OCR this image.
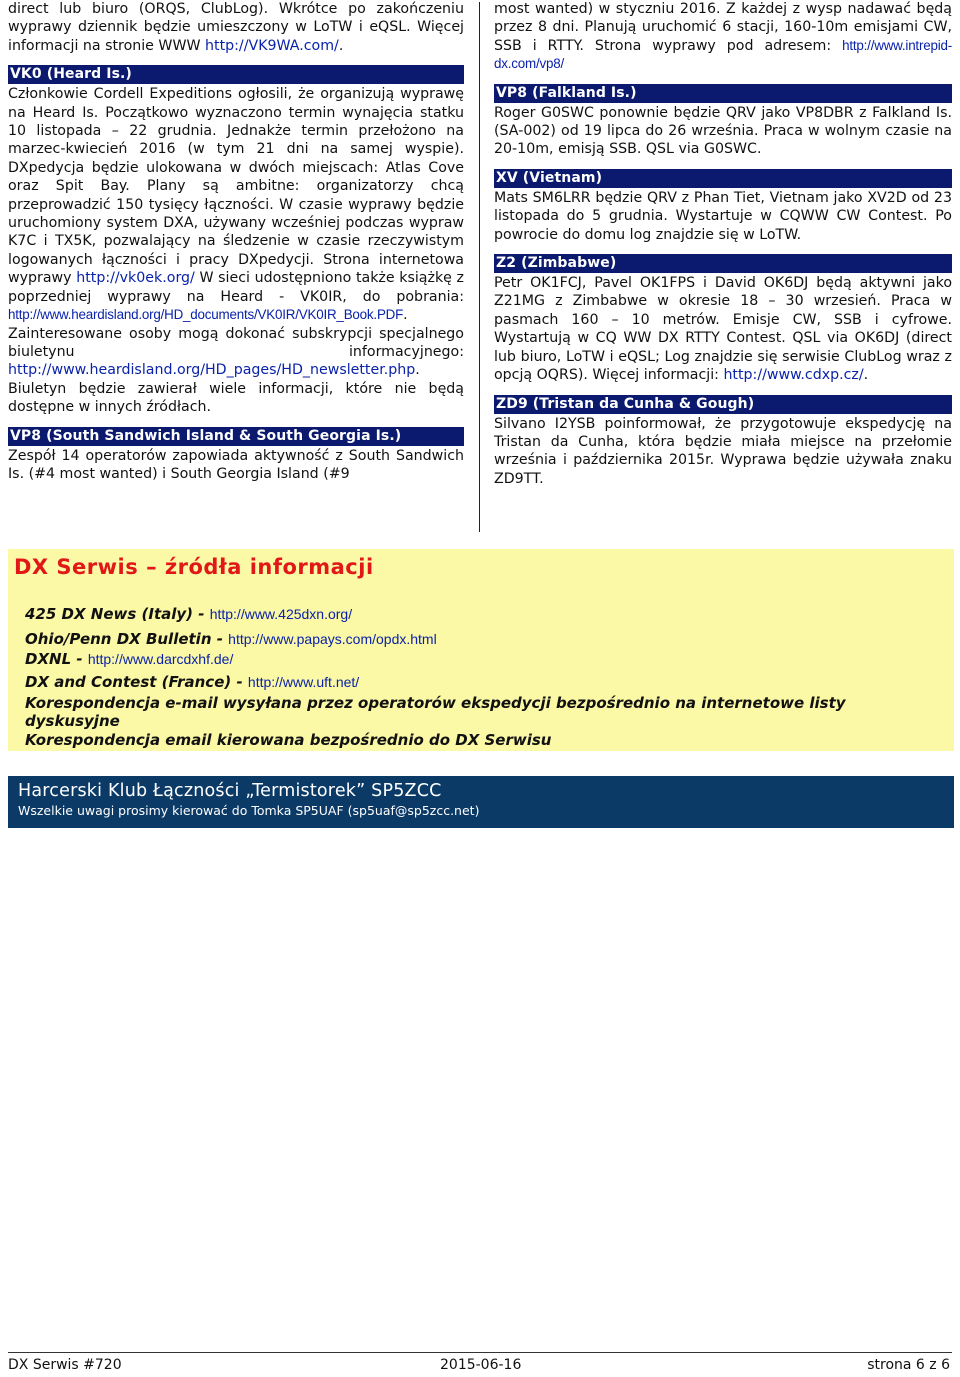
direct lub biuro (ORQS, ClubLog). Wkrótce po zakończeniu wyprawy dziennik będzie umieszczony w LoTW i eQSL. Więcej informacji na stronie WWW http://VK9WA.com/.

VK0 (Heard Is.)

Członkowie Cordell Expeditions ogłosili, że organizują wyprawę na Heard Is. Początkowo wyznaczono termin wynajęcia statku 10 listopada – 22 grudnia. Jednakże termin przełożono na marzec-kwiecień 2016 (w tym 21 dni na samej wyspie). DXpedycja będzie ulokowana w dwóch miejscach: Atlas Cove oraz Spit Bay. Plany są ambitne: organizatorzy chcą przeprowadzić 150 tysięcy łączności. W czasie wyprawy będzie uruchomiony system DXA, używany wcześniej podczas wypraw K7C i TX5K, pozwalający na śledzenie w czasie rzeczywistym logowanych łączności i pracy DXpedycji. Strona internetowa wyprawy http://vk0ek.org/ W sieci udostępniono także książkę z poprzedniej wyprawy na Heard - VK0IR, do pobrania: http://www.heardisland.org/HD_documents/VK0IR/VK0IR_Book.PDF. Zainteresowane osoby mogą dokonać subskrypcji specjalnego biuletynu informacyjnego: http://www.heardisland.org/HD_pages/HD_newsletter.php. Biuletyn będzie zawierał wiele informacji, które nie będą dostępne w innych źródłach.

VP8 (South Sandwich Island & South Georgia Is.)

Zespół 14 operatorów zapowiada aktywność z South Sandwich Is. (#4 most wanted) i South Georgia Island (#9

most wanted) w styczniu 2016. Z każdej z wysp nadawać będą przez 8 dni. Planują uruchomić 6 stacji, 160-10m emisjami CW, SSB i RTTY. Strona wyprawy pod adresem: http://www.intrepid-dx.com/vp8/

VP8 (Falkland Is.)

Roger G0SWC ponownie będzie QRV jako VP8DBR z Falkland Is. (SA-002) od 19 lipca do 26 września. Praca w wolnym czasie na 20-10m, emisją SSB. QSL via G0SWC.

XV (Vietnam)

Mats SM6LRR będzie QRV z Phan Tiet, Vietnam jako XV2D od 23 listopada do 5 grudnia. Wystartuje w CQWW CW Contest. Po powrocie do domu log znajdzie się w LoTW.

Z2 (Zimbabwe)

Petr OK1FCJ, Pavel OK1FPS i David OK6DJ będą aktywni jako Z21MG z Zimbabwe w okresie 18 – 30 wrzesień. Praca w pasmach 160 – 10 metrów. Emisje CW, SSB i cyfrowe. Wystartują w CQ WW DX RTTY Contest. QSL via OK6DJ (direct lub biuro, LoTW i eQSL; Log znajdzie się serwisie ClubLog wraz z opcją OQRS). Więcej informacji: http://www.cdxp.cz/.

ZD9 (Tristan da Cunha & Gough)

Silvano I2YSB poinformował, że przygotowuje ekspedycję na Tristan da Cunha, która będzie miała miejsce na przełomie września i października 2015r. Wyprawa będzie używała znaku ZD9TT.

DX Serwis – źródła informacji
425 DX News (Italy) - http://www.425dxn.org/
Ohio/Penn DX Bulletin - http://www.papays.com/opdx.html
DXNL - http://www.darcdxhf.de/
DX and Contest (France) - http://www.uft.net/
Korespondencja e-mail wysyłana przez operatorów ekspedycji bezpośrednio na internetowe listy dyskusyjne
Korespondencja email kierowana bezpośrednio do DX Serwisu
Harcerski Klub Łączności „Termistorek” SP5ZCC
Wszelkie uwagi prosimy kierować do Tomka SP5UAF (sp5uaf@sp5zcc.net)
DX Serwis #720	2015-06-16	strona 6 z 6
